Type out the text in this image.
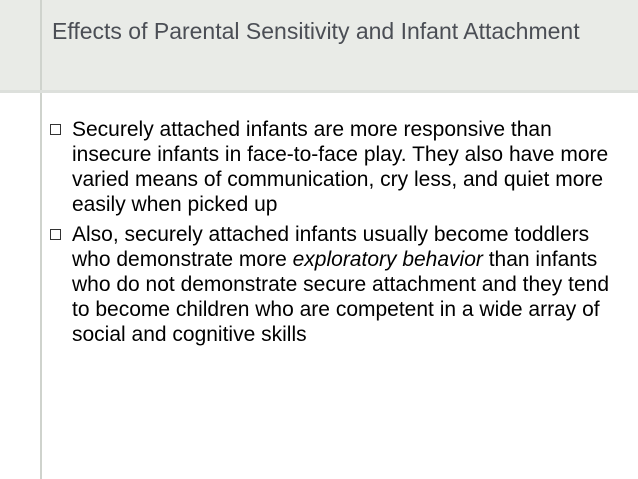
Effects of Parental Sensitivity and Infant Attachment
Securely attached infants are more responsive than insecure infants in face-to-face play. They also have more varied means of communication, cry less, and quiet more easily when picked up
Also, securely attached infants usually become toddlers who demonstrate more exploratory behavior than infants who do not demonstrate secure attachment and they tend to become children who are competent in a wide array of social and cognitive skills
